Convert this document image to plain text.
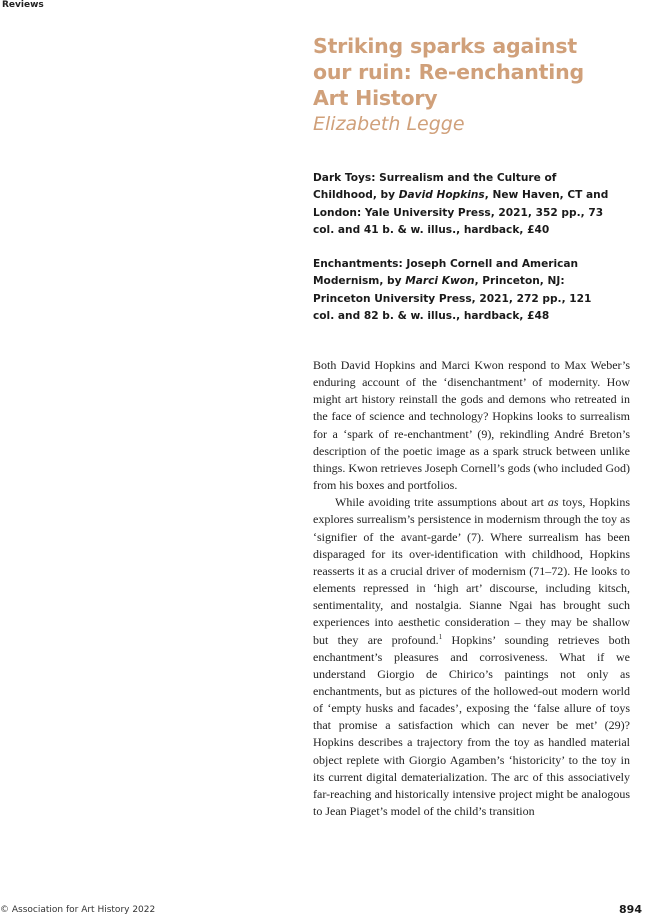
Reviews
Striking sparks against our ruin: Re-enchanting Art History
Elizabeth Legge

Dark Toys: Surrealism and the Culture of Childhood, by David Hopkins, New Haven, CT and London: Yale University Press, 2021, 352 pp., 73 col. and 41 b. & w. illus., hardback, £40

Enchantments: Joseph Cornell and American Modernism, by Marci Kwon, Princeton, NJ: Princeton University Press, 2021, 272 pp., 121 col. and 82 b. & w. illus., hardback, £48

Both David Hopkins and Marci Kwon respond to Max Weber’s enduring account of the ‘disenchantment’ of modernity. How might art history reinstall the gods and demons who retreated in the face of science and technology? Hopkins looks to surrealism for a ‘spark of re-enchantment’ (9), rekindling André Breton’s description of the poetic image as a spark struck between unlike things. Kwon retrieves Joseph Cornell’s gods (who included God) from his boxes and portfolios.

While avoiding trite assumptions about art as toys, Hopkins explores surrealism’s persistence in modernism through the toy as ‘signifier of the avant-garde’ (7). Where surrealism has been disparaged for its over-identification with childhood, Hopkins reasserts it as a crucial driver of modernism (71–72). He looks to elements repressed in ‘high art’ discourse, including kitsch, sentimentality, and nostalgia. Sianne Ngai has brought such experiences into aesthetic consideration – they may be shallow but they are profound.$^1$ Hopkins’ sounding retrieves both enchantment’s pleasures and corrosiveness. What if we understand Giorgio de Chirico’s paintings not only as enchantments, but as pictures of the hollowed-out modern world of ‘empty husks and facades’, exposing the ‘false allure of toys that promise a satisfaction which can never be met’ (29)? Hopkins describes a trajectory from the toy as handled material object replete with Giorgio Agamben’s ‘historicity’ to the toy in its current digital dematerialization. The arc of this associatively far-reaching and historically intensive project might be analogous to Jean Piaget’s model of the child’s transition

© Association for Art History 2022	894
